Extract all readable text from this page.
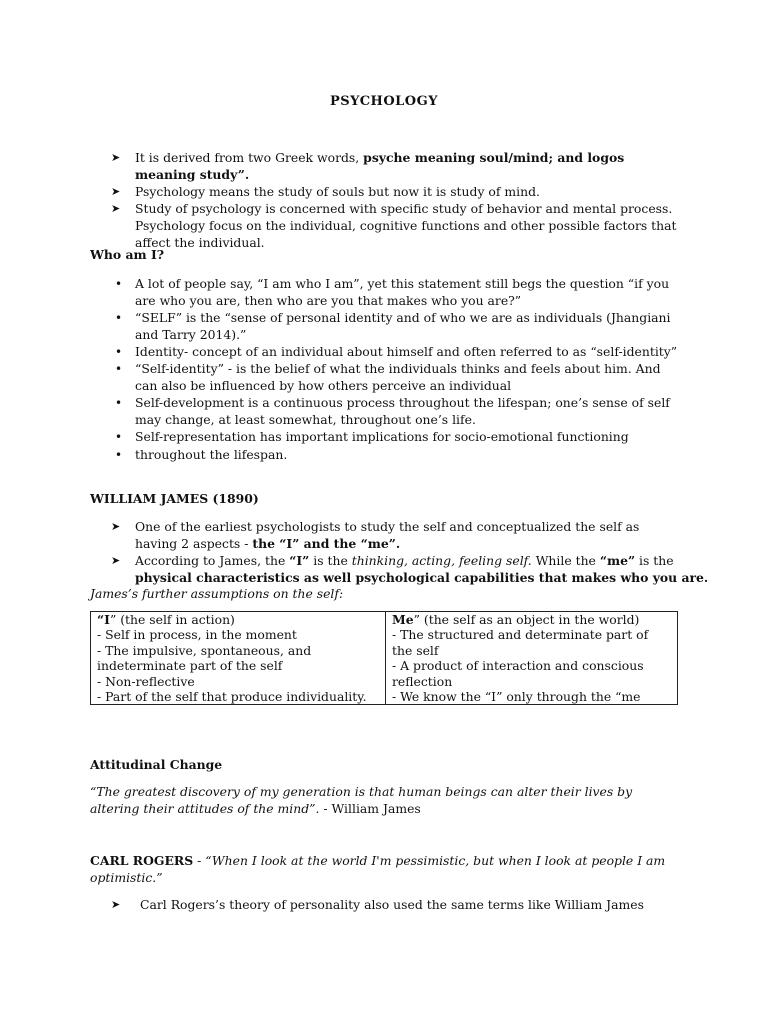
PSYCHOLOGY
➤ It is derived from two Greek words, psyche meaning soul/mind; and logos meaning study”.
➤ Psychology means the study of souls but now it is study of mind.
➤ Study of psychology is concerned with specific study of behavior and mental process. Psychology focus on the individual, cognitive functions and other possible factors that affect the individual.
Who am I?
• A lot of people say, “I am who I am”, yet this statement still begs the question “if you are who you are, then who are you that makes who you are?”
• “SELF” is the “sense of personal identity and of who we are as individuals (Jhangiani and Tarry 2014).”
• Identity- concept of an individual about himself and often referred to as “self-identity”
• “Self-identity” - is the belief of what the individuals thinks and feels about him. And can also be influenced by how others perceive an individual
• Self-development is a continuous process throughout the lifespan; one’s sense of self may change, at least somewhat, throughout one’s life.
• Self-representation has important implications for socio-emotional functioning
• throughout the lifespan.
WILLIAM JAMES (1890)
➤ One of the earliest psychologists to study the self and conceptualized the self as having 2 aspects - the “I” and the “me”.
➤ According to James, the “I” is the thinking, acting, feeling self. While the “me” is the physical characteristics as well psychological capabilities that makes who you are.
James’s further assumptions on the self:
“I” (the self in action)
- Self in process, in the moment
- The impulsive, spontaneous, and indeterminate part of the self
- Non-reflective
- Part of the self that produce individuality.

Me” (the self as an object in the world)
- The structured and determinate part of the self
- A product of interaction and conscious reflection
- We know the “I” only through the “me
Attitudinal Change
“The greatest discovery of my generation is that human beings can alter their lives by altering their attitudes of the mind”. - William James
CARL ROGERS - “When I look at the world I'm pessimistic, but when I look at people I am optimistic.”
➤ Carl Rogers’s theory of personality also used the same terms like William James
